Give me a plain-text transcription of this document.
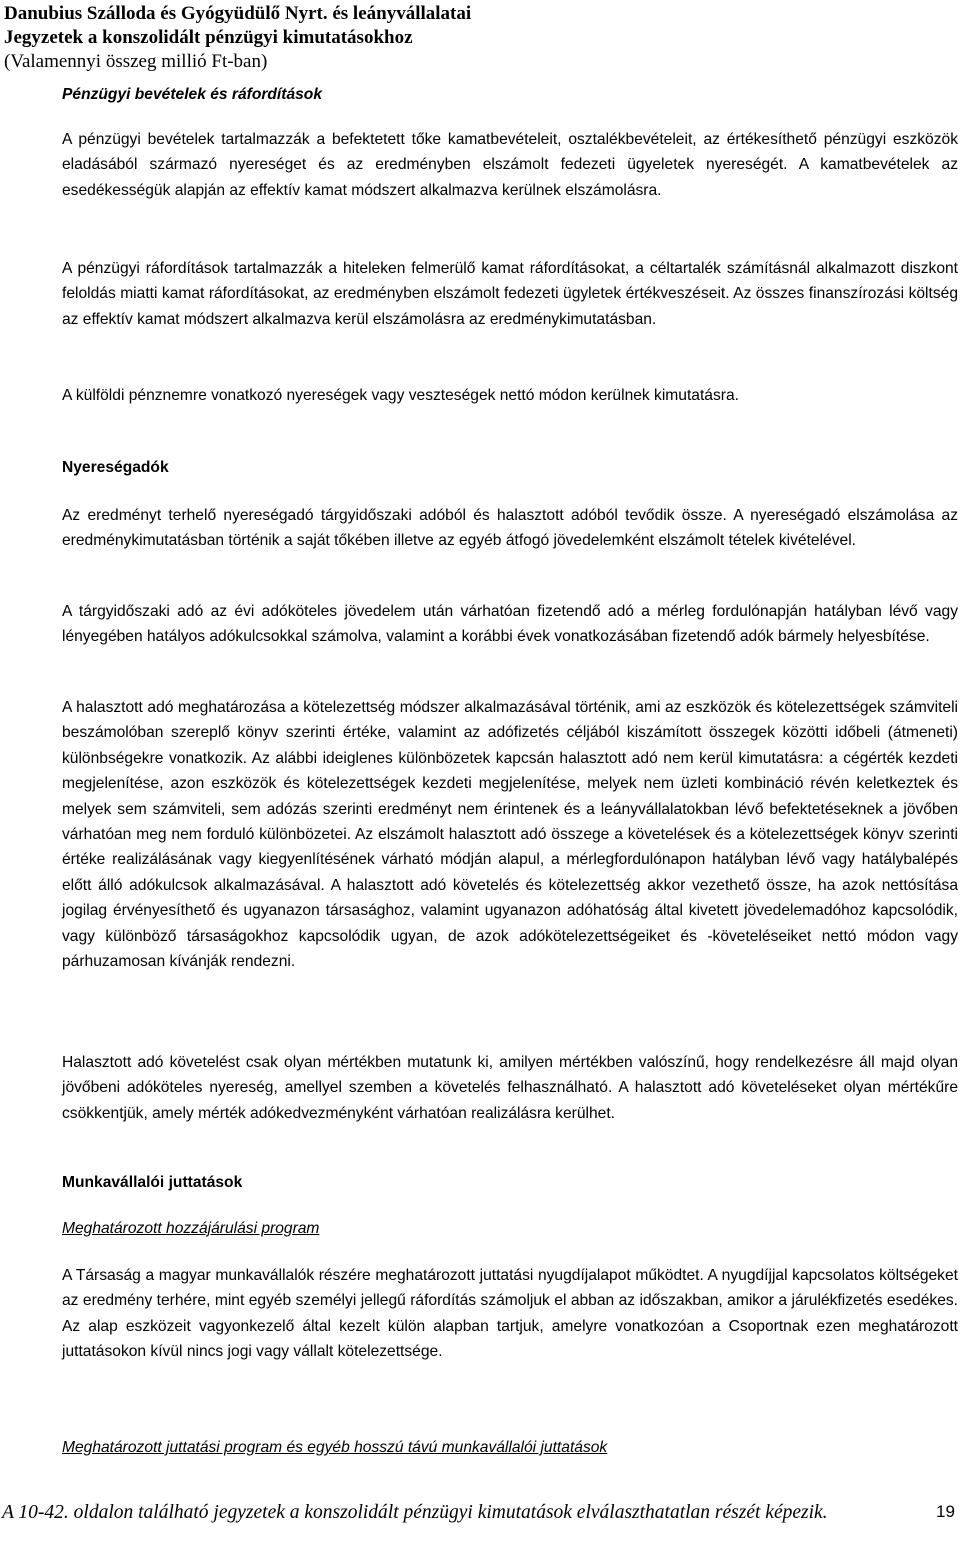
Danubius Szálloda és Gyógyüdülő Nyrt. és leányvállalatai
Jegyzetek a konszolidált pénzügyi kimutatásokhoz
(Valamennyi összeg millió Ft-ban)

Pénzügyi bevételek és ráfordítások

A pénzügyi bevételek tartalmazzák a befektetett tőke kamatbevételeit, osztalékbevételeit, az értékesíthető pénzügyi eszközök eladásából származó nyereséget és az eredményben elszámolt fedezeti ügyeletek nyereségét. A kamatbevételek az esedékességük alapján az effektív kamat módszert alkalmazva kerülnek elszámolásra.

A pénzügyi ráfordítások tartalmazzák a hiteleken felmerülő kamat ráfordításokat, a céltartalék számításnál alkalmazott diszkont feloldás miatti kamat ráfordításokat, az eredményben elszámolt fedezeti ügyletek értékveszéseit. Az összes finanszírozási költség az effektív kamat módszert alkalmazva kerül elszámolásra az eredménykimutatásban.

A külföldi pénznemre vonatkozó nyereségek vagy veszteségek nettó módon kerülnek kimutatásra.

Nyereségadók

Az eredményt terhelő nyereségadó tárgyidőszaki adóból és halasztott adóból tevődik össze. A nyereségadó elszámolása az eredménykimutatásban történik a saját tőkében illetve az egyéb átfogó jövedelemként elszámolt tételek kivételével.

A tárgyidőszaki adó az évi adóköteles jövedelem után várhatóan fizetendő adó a mérleg fordulónapján hatályban lévő vagy lényegében hatályos adókulcsokkal számolva, valamint a korábbi évek vonatkozásában fizetendő adók bármely helyesbítése.

A halasztott adó meghatározása a kötelezettség módszer alkalmazásával történik, ami az eszközök és kötelezettségek számviteli beszámolóban szereplő könyv szerinti értéke, valamint az adófizetés céljából kiszámított összegek közötti időbeli (átmeneti) különbségekre vonatkozik. Az alábbi ideiglenes különbözetek kapcsán halasztott adó nem kerül kimutatásra: a cégérték kezdeti megjelenítése, azon eszközök és kötelezettségek kezdeti megjelenítése, melyek nem üzleti kombináció révén keletkeztek és melyek sem számviteli, sem adózás szerinti eredményt nem érintenek és a leányvállalatokban lévő befektetéseknek a jövőben várhatóan meg nem forduló különbözetei. Az elszámolt halasztott adó összege a követelések és a kötelezettségek könyv szerinti értéke realizálásának vagy kiegyenlítésének várható módján alapul, a mérlegfordulónapon hatályban lévő vagy hatálybalépés előtt álló adókulcsok alkalmazásával. A halasztott adó követelés és kötelezettség akkor vezethető össze, ha azok nettósítása jogilag érvényesíthető és ugyanazon társasághoz, valamint ugyanazon adóhatóság által kivetett jövedelemadóhoz kapcsolódik, vagy különböző társaságokhoz kapcsolódik ugyan, de azok adókötelezettségeiket és -követeléseiket nettó módon vagy párhuzamosan kívánják rendezni.

Halasztott adó követelést csak olyan mértékben mutatunk ki, amilyen mértékben valószínű, hogy rendelkezésre áll majd olyan jövőbeni adóköteles nyereség, amellyel szemben a követelés felhasználható. A halasztott adó követeléseket olyan mértékűre csökkentjük, amely mérték adókedvezményként várhatóan realizálásra kerülhet.

Munkavállalói juttatások

Meghatározott hozzájárulási program

A Társaság a magyar munkavállalók részére meghatározott juttatási nyugdíjalapot működtet. A nyugdíjjal kapcsolatos költségeket az eredmény terhére, mint egyéb személyi jellegű ráfordítás számoljuk el abban az időszakban, amikor a járulékfizetés esedékes. Az alap eszközeit vagyonkezelő által kezelt külön alapban tartjuk, amelyre vonatkozóan a Csoportnak ezen meghatározott juttatásokon kívül nincs jogi vagy vállalt kötelezettsége.

Meghatározott juttatási program és egyéb hosszú távú munkavállalói juttatások

A 10-42. oldalon található jegyzetek a konszolidált pénzügyi kimutatások elválaszthatatlan részét képezik.	19
